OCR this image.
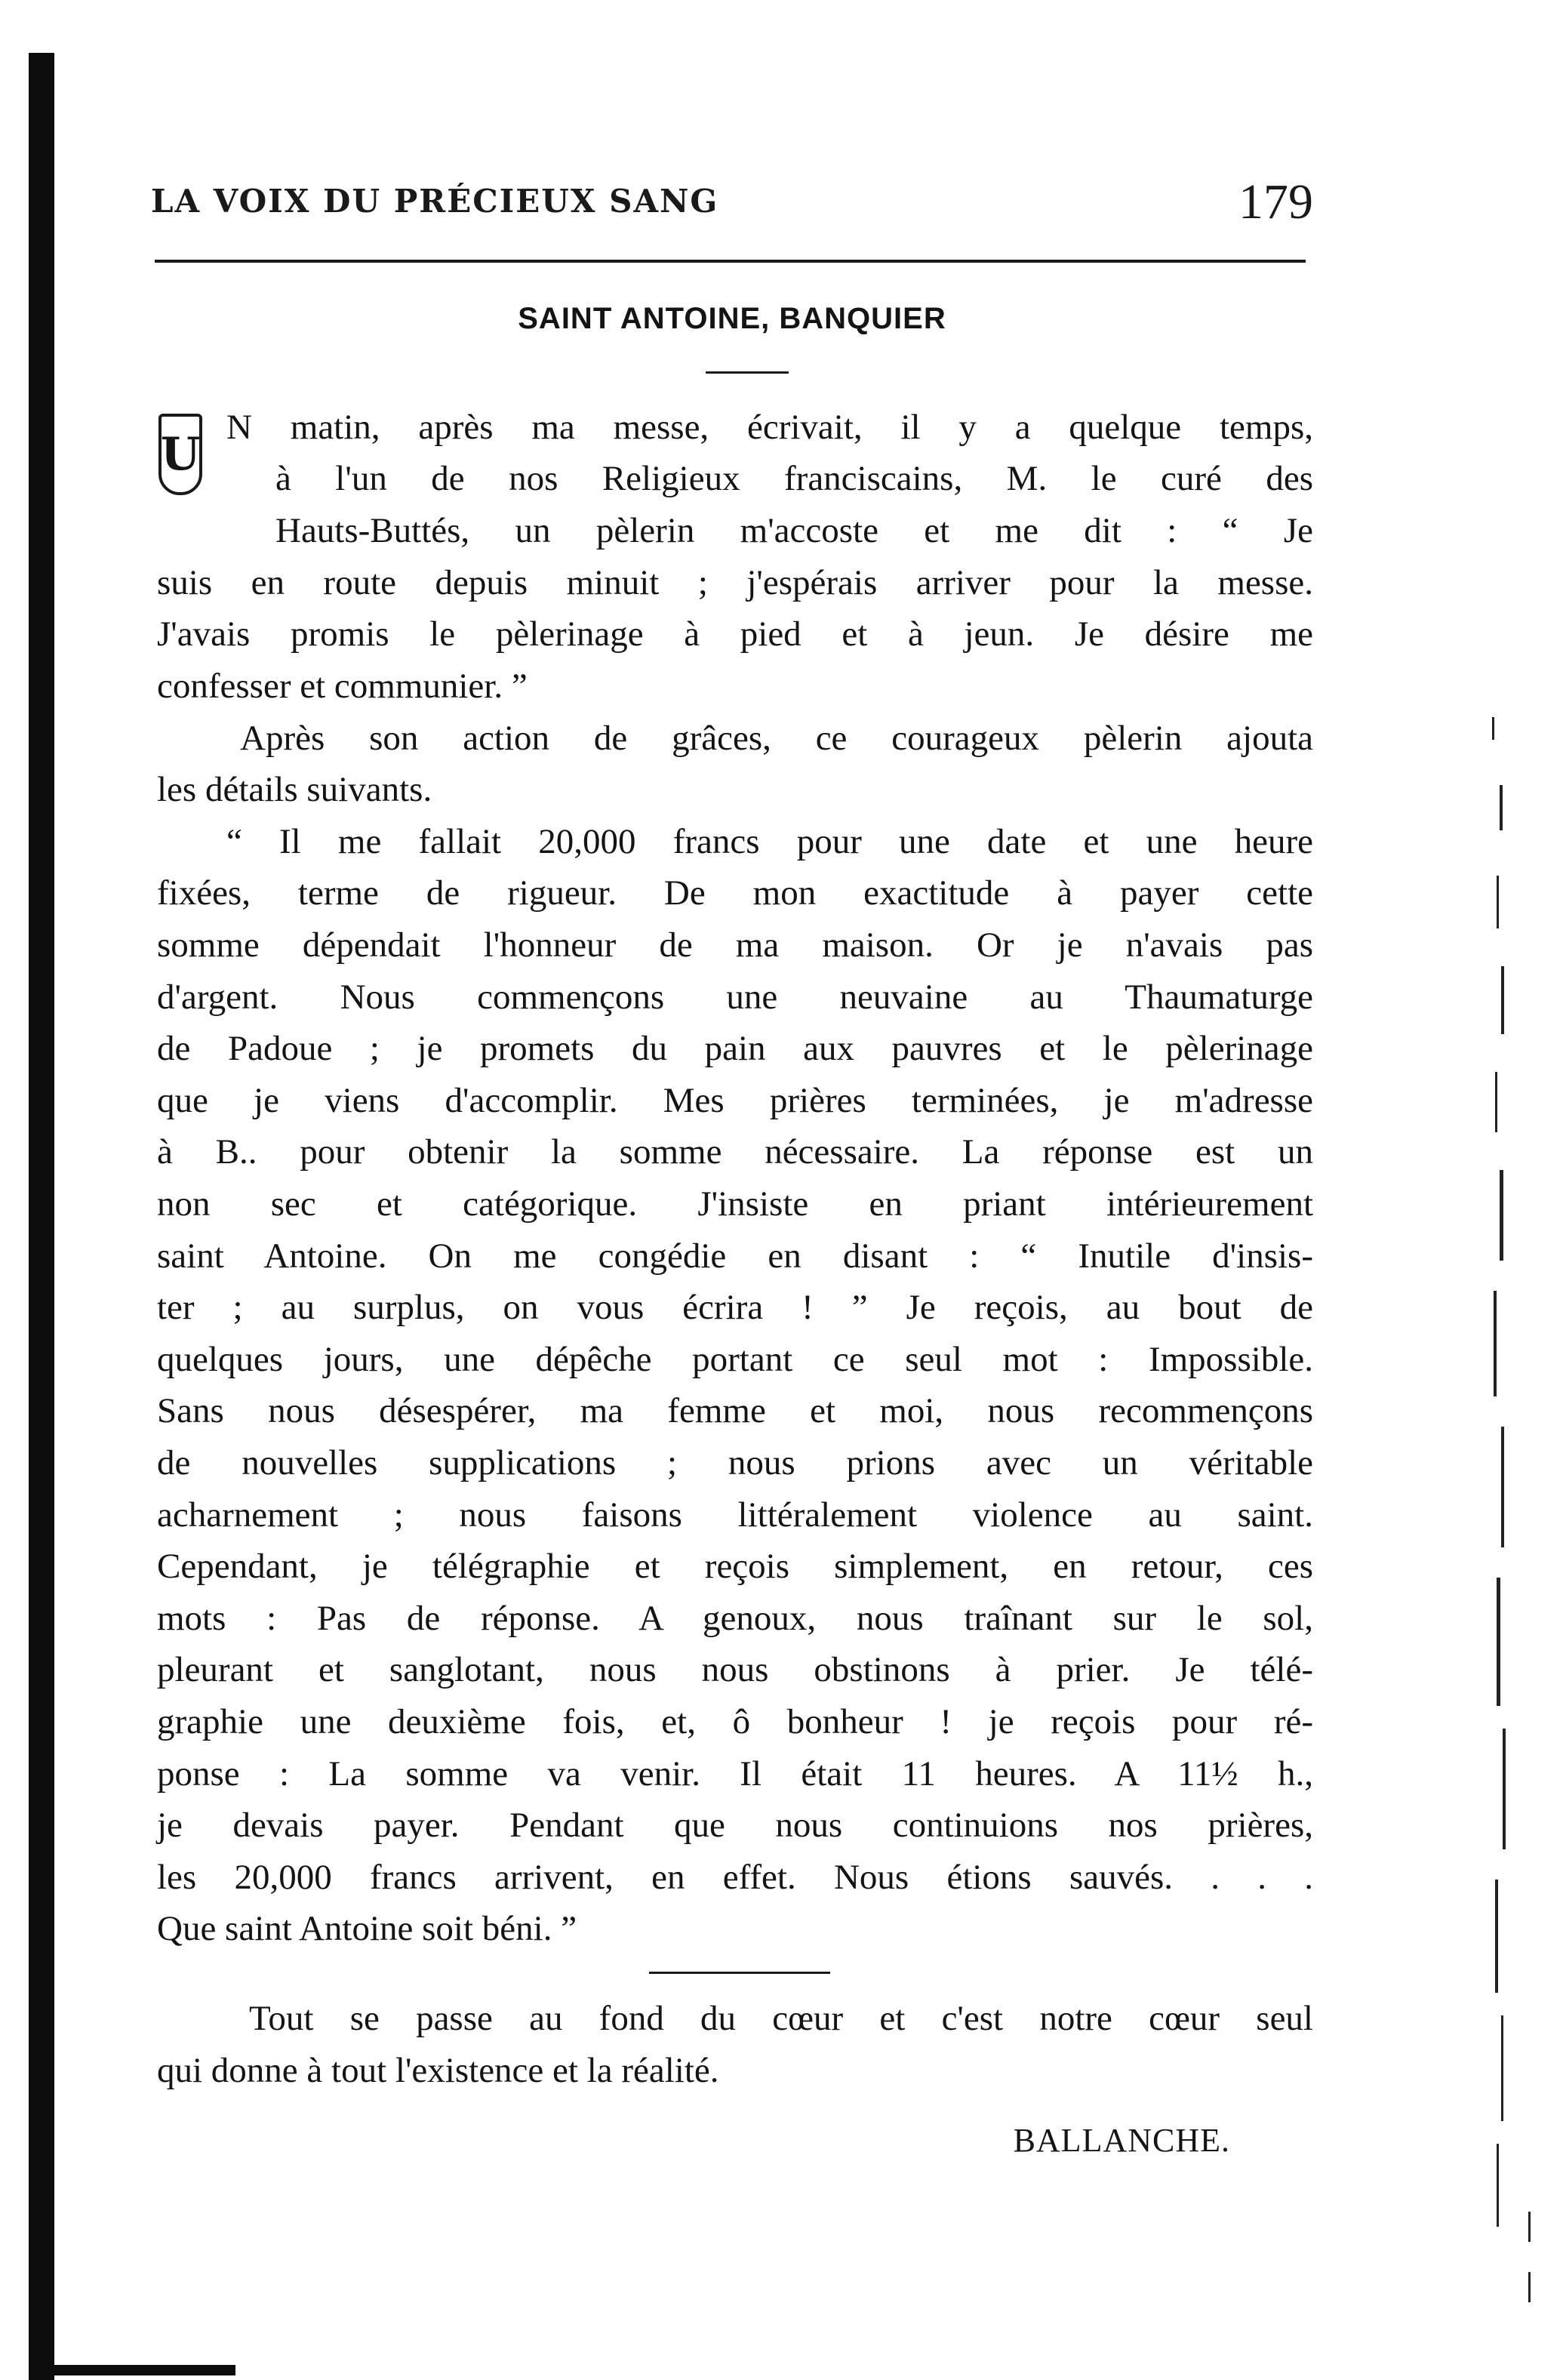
LA VOIX DU PRÉCIEUX SANG	179
SAINT ANTOINE, BANQUIER
U
N matin, après ma messe, écrivait, il y a quelque temps,
à l'un de nos Religieux franciscains, M. le curé des
Hauts-Buttés, un pèlerin m'accoste et me dit : “ Je
suis en route depuis minuit ; j'espérais arriver pour la messe.
J'avais promis le pèlerinage à pied et à jeun. Je désire me
confesser et communier. ”
Après son action de grâces, ce courageux pèlerin ajouta
les détails suivants.
“ Il me fallait 20,000 francs pour une date et une heure
fixées, terme de rigueur. De mon exactitude à payer cette
somme dépendait l'honneur de ma maison. Or je n'avais pas
d'argent. Nous commençons une neuvaine au Thaumaturge
de Padoue ; je promets du pain aux pauvres et le pèlerinage
que je viens d'accomplir. Mes prières terminées, je m'adresse
à B.. pour obtenir la somme nécessaire. La réponse est un
non sec et catégorique. J'insiste en priant intérieurement
saint Antoine. On me congédie en disant : “ Inutile d'insis-
ter ; au surplus, on vous écrira ! ” Je reçois, au bout de
quelques jours, une dépêche portant ce seul mot : Impossible.
Sans nous désespérer, ma femme et moi, nous recommençons
de nouvelles supplications ; nous prions avec un véritable
acharnement ; nous faisons littéralement violence au saint.
Cependant, je télégraphie et reçois simplement, en retour, ces
mots : Pas de réponse. A genoux, nous traînant sur le sol,
pleurant et sanglotant, nous nous obstinons à prier. Je télé-
graphie une deuxième fois, et, ô bonheur ! je reçois pour ré-
ponse : La somme va venir. Il était 11 heures. A 11½ h.,
je devais payer. Pendant que nous continuions nos prières,
les 20,000 francs arrivent, en effet. Nous étions sauvés. . . .
Que saint Antoine soit béni. ”
Tout se passe au fond du cœur et c'est notre cœur seul
qui donne à tout l'existence et la réalité.
BALLANCHE.
